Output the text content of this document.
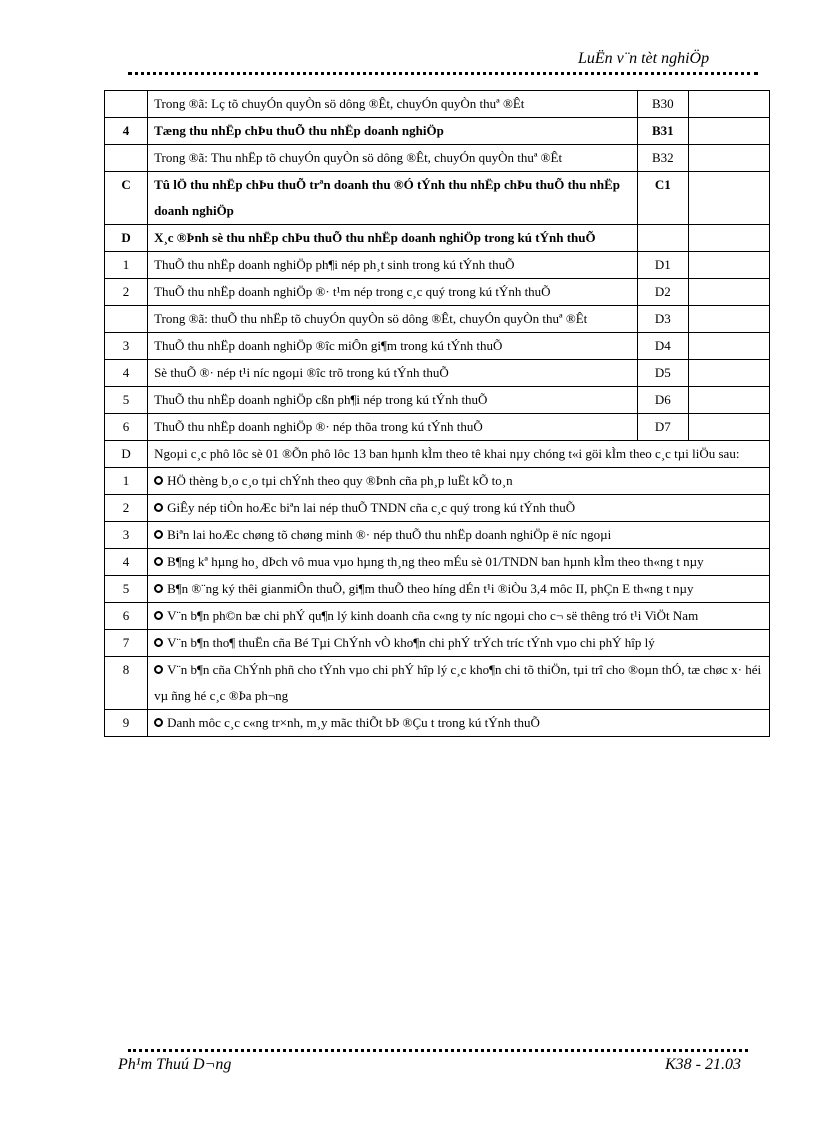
LuËn v¨n tèt nghiÖp
	Trong ®ã: Lç tõ chuyÓn quyÒn sö dông ®Êt, chuyÓn quyÒn thuª ®Êt	B30	
4	Tæng thu nhËp chÞu thuÕ thu nhËp doanh nghiÖp	B31	
	Trong ®ã: Thu nhËp tõ chuyÓn quyÒn sö dông ®Êt, chuyÓn quyÒn thuª ®Êt	B32	
C	Tû lÖ thu nhËp chÞu thuÕ trªn doanh thu ®Ó tÝnh thu nhËp chÞu thuÕ thu nhËp doanh nghiÖp	C1	
D	X¸c ®Þnh sè thu nhËp chÞu thuÕ thu nhËp doanh nghiÖp trong kú tÝnh thuÕ		
1	ThuÕ thu nhËp doanh nghiÖp ph¶i nép ph¸t sinh trong kú tÝnh thuÕ	D1	
2	ThuÕ thu nhËp doanh nghiÖp ®· t¹m nép trong c¸c quý trong kú tÝnh thuÕ	D2	
	Trong ®ã: thuÕ thu nhËp tõ chuyÓn quyÒn sö dông ®Êt, chuyÓn quyÒn thuª ®Êt	D3	
3	ThuÕ thu nhËp doanh nghiÖp ®îc miÔn gi¶m trong kú tÝnh thuÕ	D4	
4	Sè thuÕ ®· nép t¹i níc ngoµi ®îc trõ trong kú tÝnh thuÕ	D5	
5	ThuÕ thu nhËp doanh nghiÖp cßn ph¶i nép trong kú tÝnh thuÕ	D6	
6	ThuÕ thu nhËp doanh nghiÖp ®· nép thõa trong kú tÝnh thuÕ	D7	
D	Ngoµi c¸c phô lôc sè 01 ®Õn phô lôc 13 ban hµnh kÌm theo tê khai nµy chóng t«i göi kÌm theo c¸c tµi liÖu sau:		
1	HÖ thèng b¸o c¸o tµi chÝnh theo quy ®Þnh cña ph¸p luËt kÕ to¸n		
2	GiÊy nép tiÒn hoÆc biªn lai nép thuÕ TNDN cña c¸c quý trong kú tÝnh thuÕ		
3	Biªn lai hoÆc chøng tõ chøng minh ®· nép thuÕ thu nhËp doanh nghiÖp ë níc ngoµi		
4	B¶ng kª hµng ho¸ dÞch vô mua vµo hµng th¸ng theo mÉu sè 01/TNDN ban hµnh kÌm theo th«ng t nµy		
5	B¶n ®¨ng ký thêi gianmiÔn thuÕ, gi¶m thuÕ theo híng dÉn t¹i ®iÒu 3,4 môc II, phÇn E th«ng t nµy		
6	V¨n b¶n ph©n bæ chi phÝ qu¶n lý kinh doanh cña c«ng ty níc ngoµi cho c¬ së thêng tró t¹i ViÖt Nam		
7	V¨n b¶n tho¶ thuËn cña Bé Tµi ChÝnh vÒ kho¶n chi phÝ trÝch tríc tÝnh vµo chi phÝ hîp lý		
8	V¨n b¶n cña ChÝnh phñ cho tÝnh vµo chi phÝ hîp lý c¸c kho¶n chi tõ thiÖn, tµi trî cho ®oµn thÓ, tæ chøc x· héi vµ ñng hé c¸c ®Þa ph¬ng		
9	Danh môc c¸c c«ng tr×nh, m¸y mãc thiÕt bÞ ®Çu t trong kú tÝnh thuÕ		
Ph¹m Thuú D¬ng	K38 - 21.03
